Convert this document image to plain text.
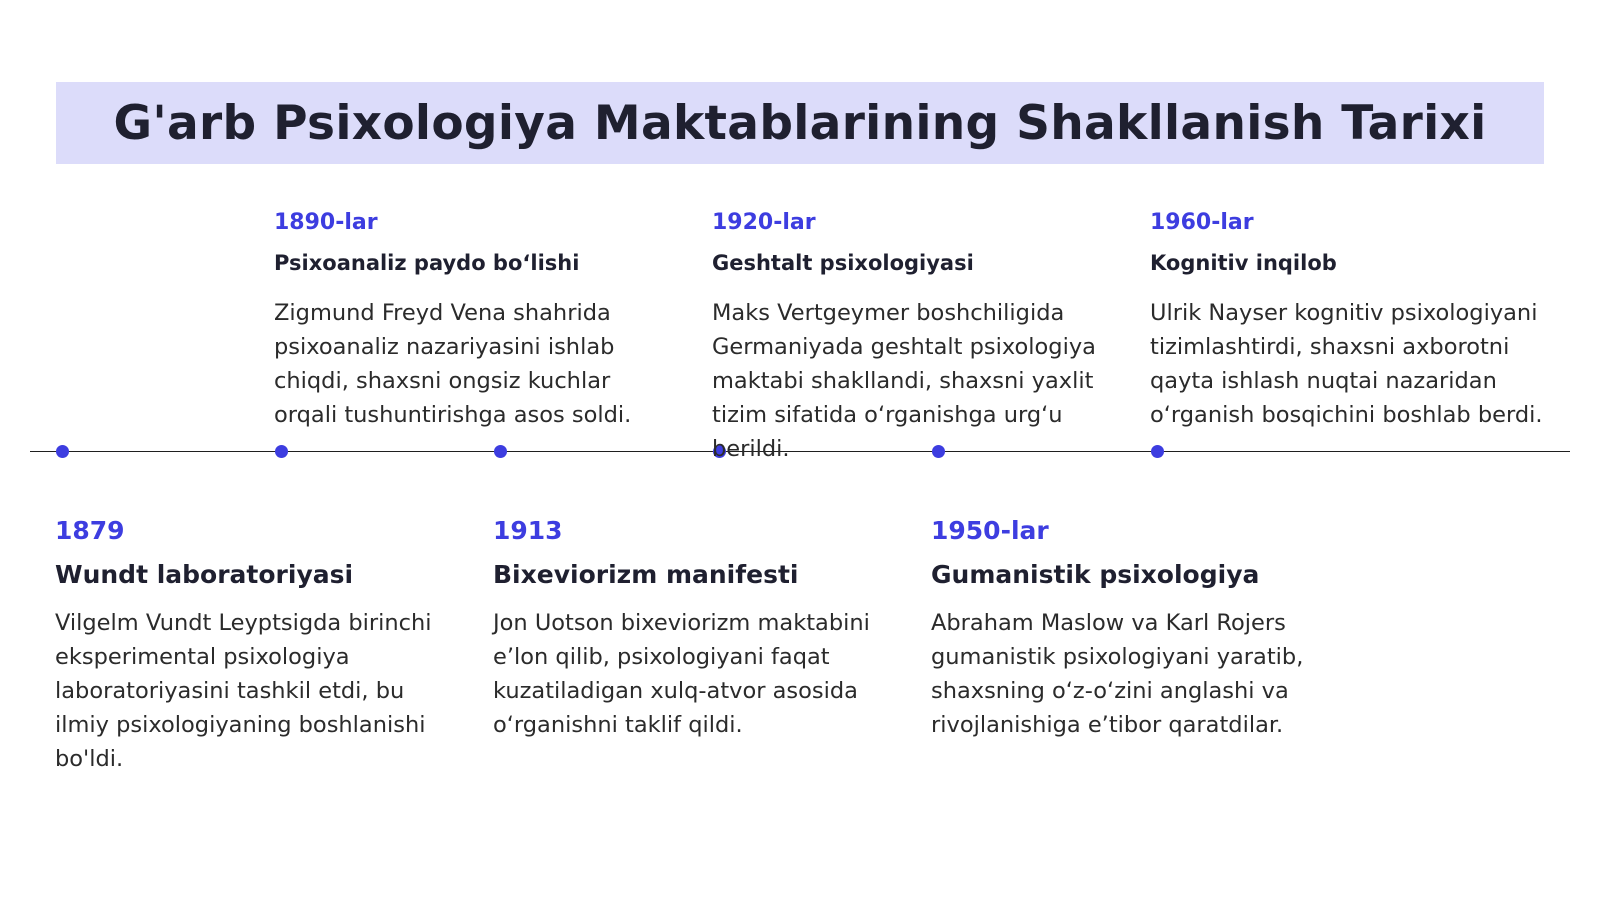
G'arb Psixologiya Maktablarining Shakllanish Tarixi

1890-lar

Psixoanaliz paydo bo‘lishi

Zigmund Freyd Vena shahrida psixoanaliz nazariyasini ishlab chiqdi, shaxsni ongsiz kuchlar orqali tushuntirishga asos soldi.

1920-lar

Geshtalt psixologiyasi

Maks Vertgeymer boshchiligida Germaniyada geshtalt psixologiya maktabi shakllandi, shaxsni yaxlit tizim sifatida o‘rganishga urg‘u berildi.

1960-lar

Kognitiv inqilob

Ulrik Nayser kognitiv psixologiyani tizimlashtirdi, shaxsni axborotni qayta ishlash nuqtai nazaridan o‘rganish bosqichini boshlab berdi.

1879

Wundt laboratoriyasi

Vilgelm Vundt Leyptsigda birinchi eksperimental psixologiya laboratoriyasini tashkil etdi, bu ilmiy psixologiyaning boshlanishi bo'ldi.

1913

Bixeviorizm manifesti

Jon Uotson bixeviorizm maktabini e’lon qilib, psixologiyani faqat kuzatiladigan xulq-atvor asosida o‘rganishni taklif qildi.

1950-lar

Gumanistik psixologiya

Abraham Maslow va Karl Rojers gumanistik psixologiyani yaratib, shaxsning o‘z-o‘zini anglashi va rivojlanishiga e’tibor qaratdilar.
